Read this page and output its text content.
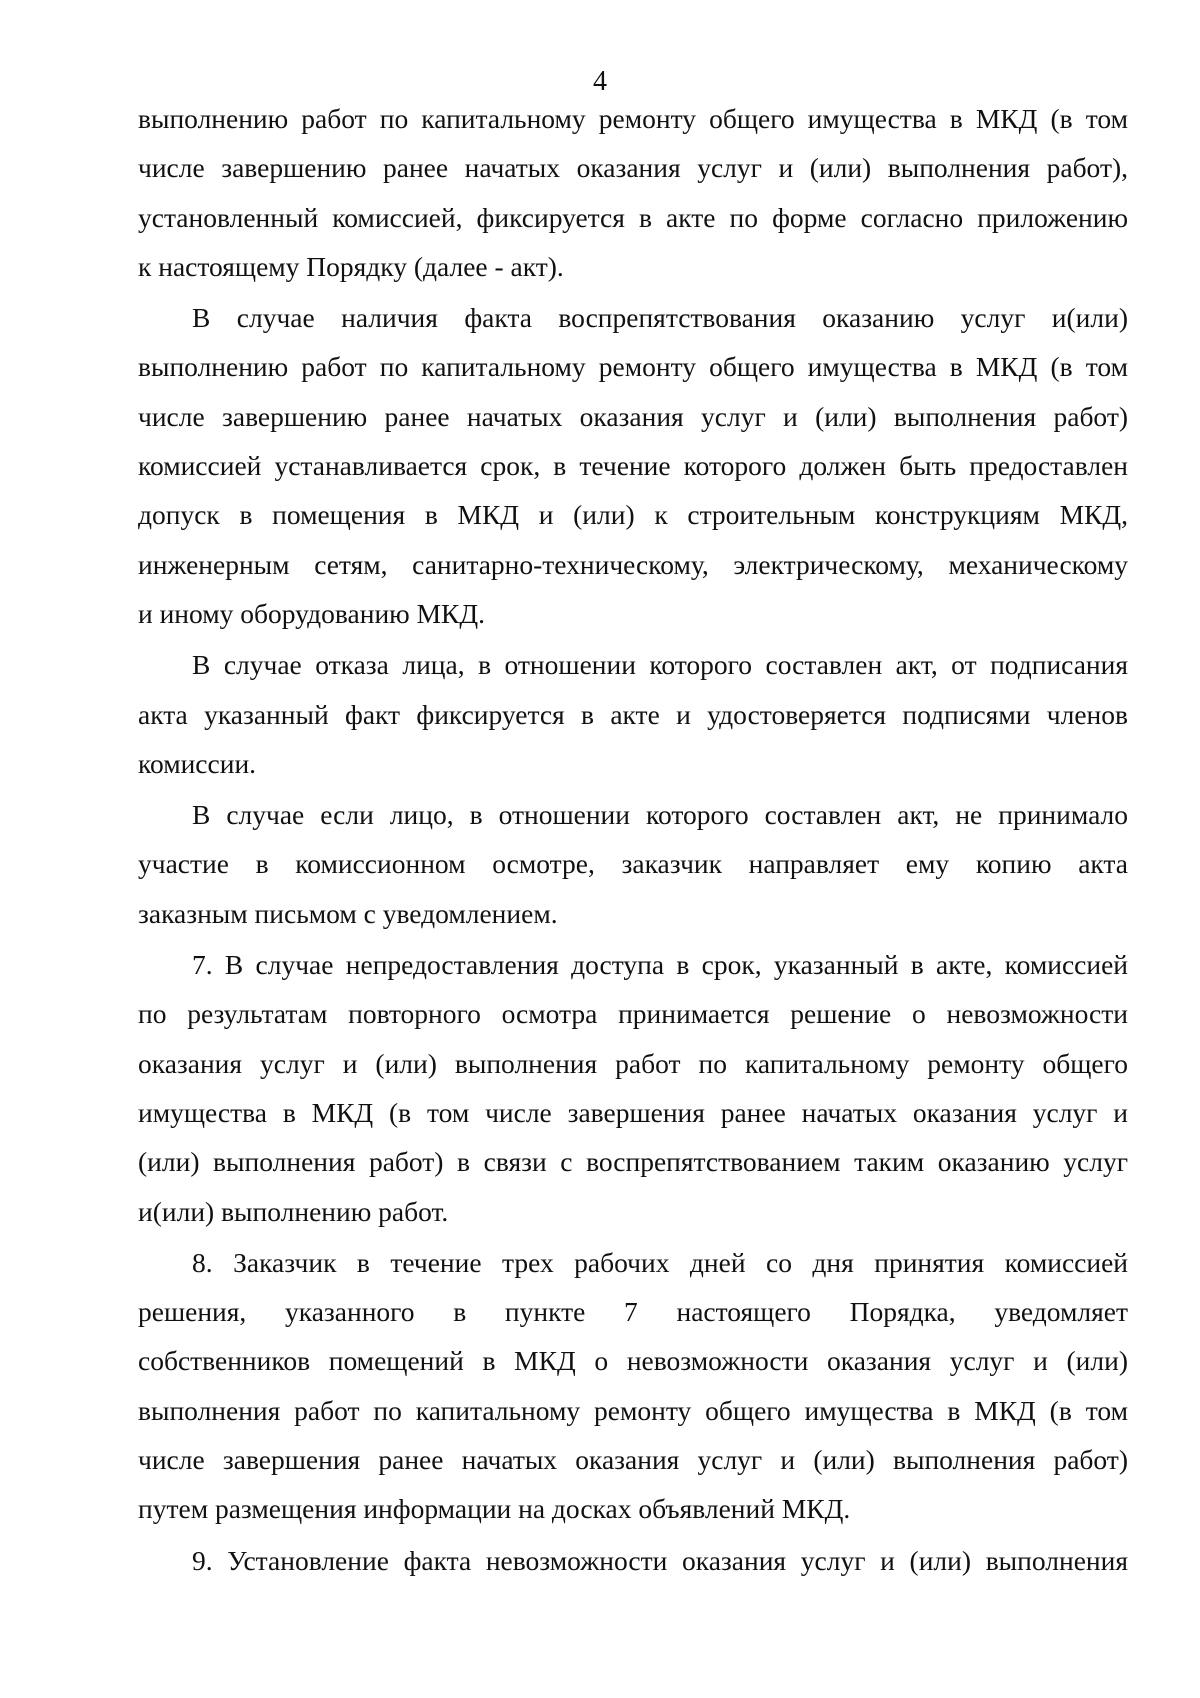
4
выполнению работ по капитальному ремонту общего имущества в МКД (в том
числе завершению ранее начатых оказания услуг и (или) выполнения работ),
установленный комиссией, фиксируется в акте по форме согласно приложению
к настоящему Порядку (далее - акт).
В случае наличия факта воспрепятствования оказанию услуг и(или)
выполнению работ по капитальному ремонту общего имущества в МКД (в том
числе завершению ранее начатых оказания услуг и (или) выполнения работ)
комиссией устанавливается срок, в течение которого должен быть предоставлен
допуск в помещения в МКД и (или) к строительным конструкциям МКД,
инженерным сетям, санитарно-техническому, электрическому, механическому
и иному оборудованию МКД.
В случае отказа лица, в отношении которого составлен акт, от подписания
акта указанный факт фиксируется в акте и удостоверяется подписями членов
комиссии.
В случае если лицо, в отношении которого составлен акт, не принимало
участие в комиссионном осмотре, заказчик направляет ему копию акта
заказным письмом с уведомлением.
7. В случае непредоставления доступа в срок, указанный в акте, комиссией
по результатам повторного осмотра принимается решение о невозможности
оказания услуг и (или) выполнения работ по капитальному ремонту общего
имущества в МКД (в том числе завершения ранее начатых оказания услуг и
(или) выполнения работ) в связи с воспрепятствованием таким оказанию услуг
и(или) выполнению работ.
8. Заказчик в течение трех рабочих дней со дня принятия комиссией
решения, указанного в пункте 7 настоящего Порядка, уведомляет
собственников помещений в МКД о невозможности оказания услуг и (или)
выполнения работ по капитальному ремонту общего имущества в МКД (в том
числе завершения ранее начатых оказания услуг и (или) выполнения работ)
путем размещения информации на досках объявлений МКД.
9. Установление факта невозможности оказания услуг и (или) выполнения
